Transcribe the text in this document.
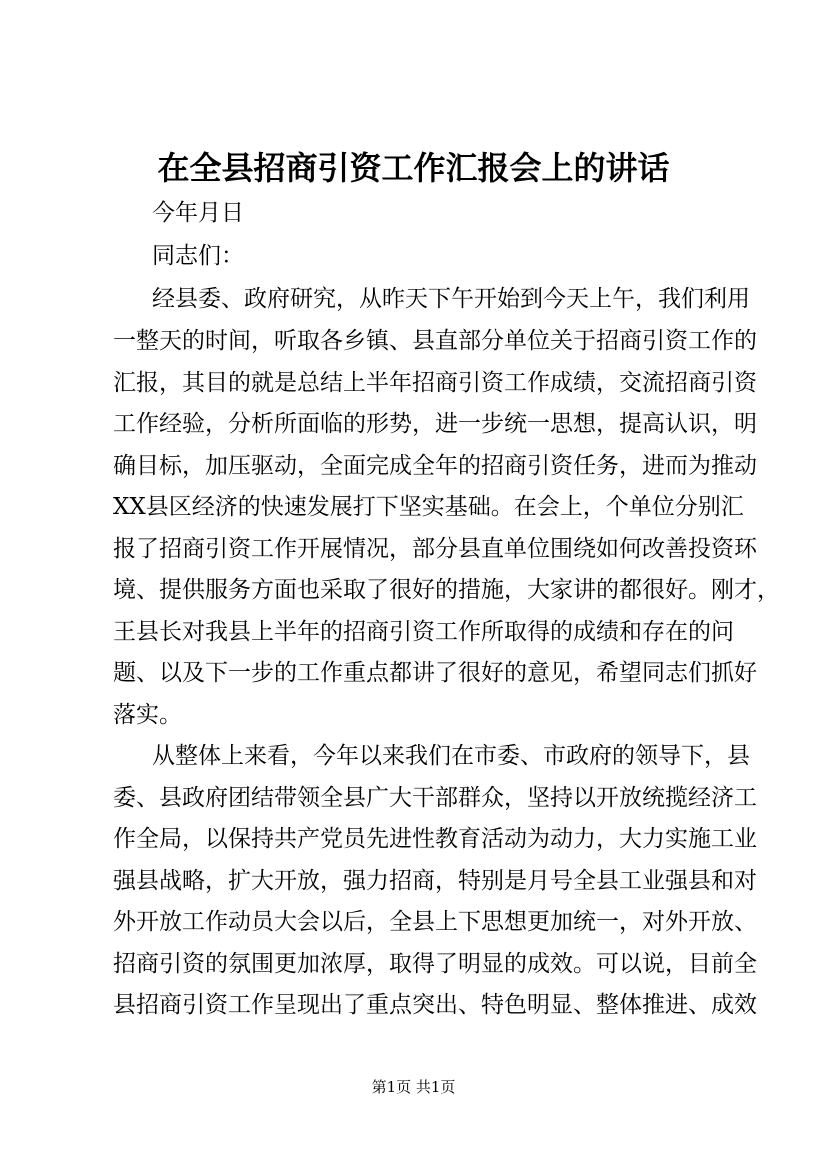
在全县招商引资工作汇报会上的讲话
今年月日
同志们：
经县委、政府研究，从昨天下午开始到今天上午，我们利用
一整天的时间，听取各乡镇、县直部分单位关于招商引资工作的
汇报，其目的就是总结上半年招商引资工作成绩，交流招商引资
工作经验，分析所面临的形势，进一步统一思想，提高认识，明
确目标，加压驱动，全面完成全年的招商引资任务，进而为推动
XX县区经济的快速发展打下坚实基础。在会上，个单位分别汇
报了招商引资工作开展情况，部分县直单位围绕如何改善投资环
境、提供服务方面也采取了很好的措施，大家讲的都很好。刚才，
王县长对我县上半年的招商引资工作所取得的成绩和存在的问
题、以及下一步的工作重点都讲了很好的意见，希望同志们抓好
落实。
从整体上来看，今年以来我们在市委、市政府的领导下，县
委、县政府团结带领全县广大干部群众，坚持以开放统揽经济工
作全局，以保持共产党员先进性教育活动为动力，大力实施工业
强县战略，扩大开放，强力招商，特别是月号全县工业强县和对
外开放工作动员大会以后，全县上下思想更加统一，对外开放、
招商引资的氛围更加浓厚，取得了明显的成效。可以说，目前全
县招商引资工作呈现出了重点突出、特色明显、整体推进、成效
第1页 共1页
